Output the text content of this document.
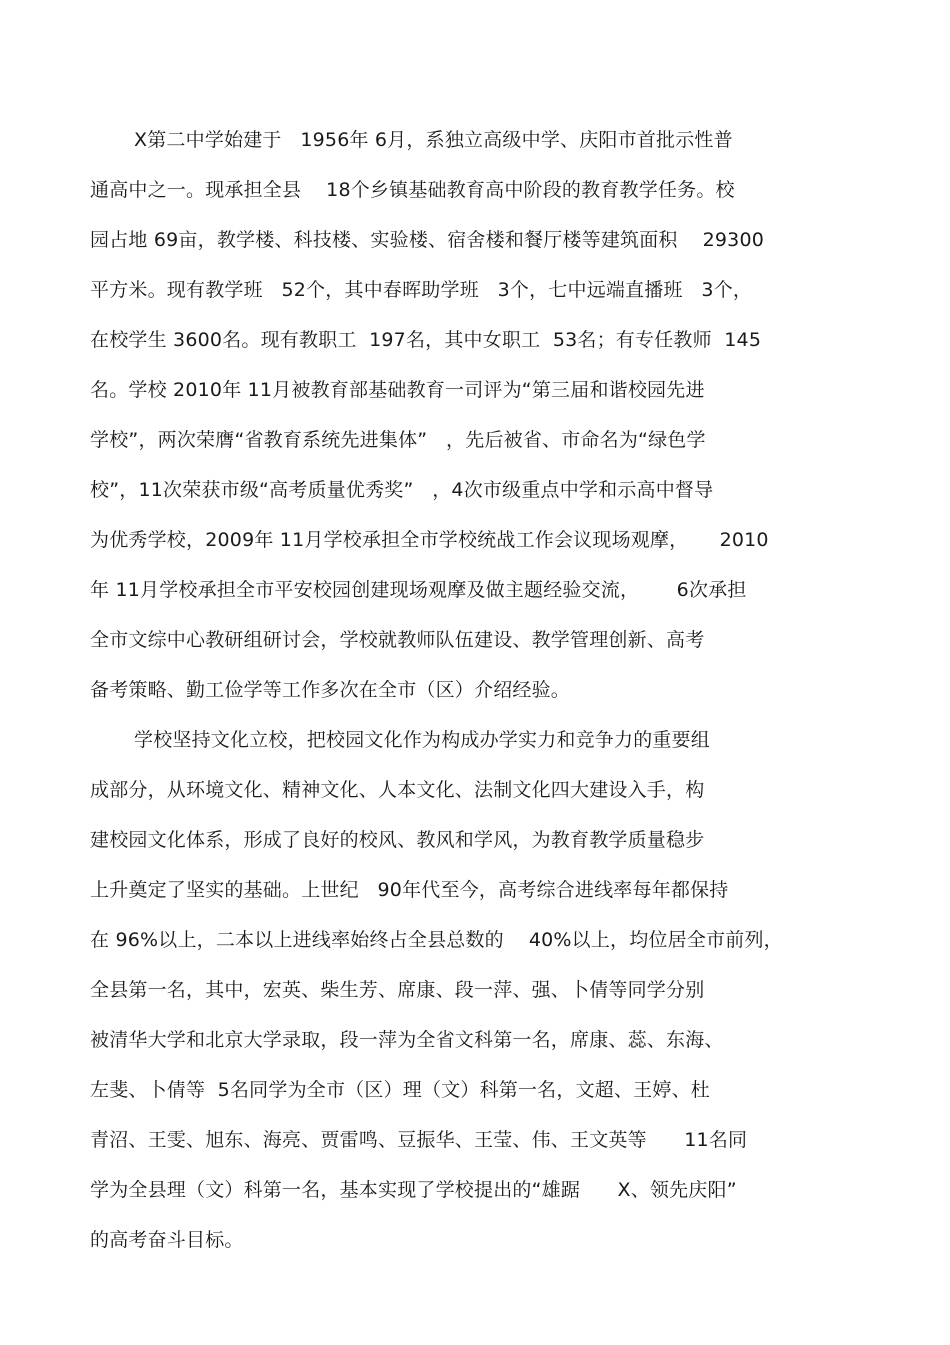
X第二中学始建于   1956年 6月，系独立高级中学、庆阳市首批示性普
通高中之一。现承担全县    18个乡镇基础教育高中阶段的教育教学任务。校
园占地 69亩，教学楼、科技楼、实验楼、宿舍楼和餐厅楼等建筑面积    29300
平方米。现有教学班   52个，其中春晖助学班   3个，七中远端直播班   3个，
在校学生 3600名。现有教职工  197名，其中女职工  53名；有专任教师  145
名。学校 2010年 11月被教育部基础教育一司评为“第三届和谐校园先进
学校”，两次荣膺“省教育系统先进集体”   ，先后被省、市命名为“绿色学
校”，11次荣获市级“高考质量优秀奖”   ，4次市级重点中学和示高中督导
为优秀学校，2009年 11月学校承担全市学校统战工作会议现场观摩，     2010
年 11月学校承担全市平安校园创建现场观摩及做主题经验交流，      6次承担
全市文综中心教研组研讨会，学校就教师队伍建设、教学管理创新、高考
备考策略、勤工俭学等工作多次在全市（区）介绍经验。
学校坚持文化立校，把校园文化作为构成办学实力和竞争力的重要组
成部分，从环境文化、精神文化、人本文化、法制文化四大建设入手，构
建校园文化体系，形成了良好的校风、教风和学风，为教育教学质量稳步
上升奠定了坚实的基础。上世纪   90年代至今，高考综合进线率每年都保持
在 96%以上，二本以上进线率始终占全县总数的    40%以上，均位居全市前列，
全县第一名，其中，宏英、柴生芳、席康、段一萍、强、卜倩等同学分别
被清华大学和北京大学录取，段一萍为全省文科第一名，席康、蕊、东海、
左斐、卜倩等  5名同学为全市（区）理（文）科第一名，文超、王婷、杜
青沼、王雯、旭东、海亮、贾雷鸣、豆振华、王莹、伟、王文英等      11名同
学为全县理（文）科第一名，基本实现了学校提出的“雄踞      X、领先庆阳”
的高考奋斗目标。
